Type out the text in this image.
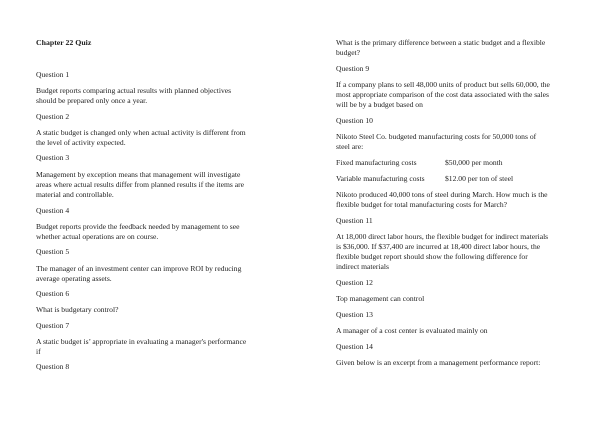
Chapter 22 Quiz

Question 1

Budget reports comparing actual results with planned objectives

should be prepared only once a year.

Question 2

A static budget is changed only when actual activity is different from

the level of activity expected.

Question 3

Management by exception means that management will investigate

areas where actual results differ from planned results if the items are

material and controllable.

Question 4

Budget reports provide the feedback needed by management to see

whether actual operations are on course.

Question 5

The manager of an investment center can improve ROI by reducing

average operating assets.

Question 6

What is budgetary control?

Question 7

A static budget is’ appropriate in evaluating a manager's performance

if

Question 8

What is the primary difference between a static budget and a flexible

budget?

Question 9

If a company plans to sell 48,000 units of product but sells 60,000, the

most appropriate comparison of the cost data associated with the sales

will be by a budget based on

Question 10

Nikoto Steel Co. budgeted manufacturing costs for 50,000 tons of

steel are:

Fixed manufacturing costs	$50,000 per month

Variable manufacturing costs	$12.00 per ton of steel

Nikoto produced 40,000 tons of steel during March. How much is the

flexible budget for total manufacturing costs for March?

Question 11

At 18,000 direct labor hours, the flexible budget for indirect materials

is $36,000. If $37,400 are incurred at 18,400 direct labor hours, the

flexible budget report should show the following difference for

indirect materials

Question 12

Top management can control

Question 13

A manager of a cost center is evaluated mainly on

Question 14

Given below is an excerpt from a management performance report:
